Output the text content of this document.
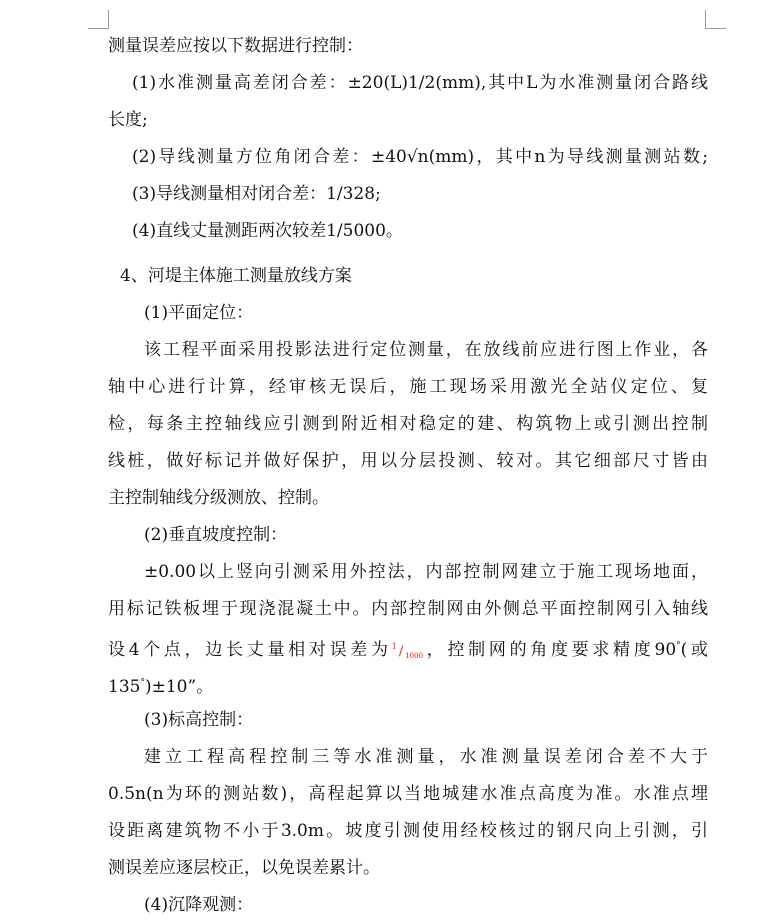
测量误差应按以下数据进行控制：
(1)水准测量高差闭合差：±20(L)1/2(mm),其中L为水准测量闭合路线
长度;
(2)导线测量方位角闭合差：±40√n(mm)，其中n为导线测量测站数;
(3)导线测量相对闭合差：1/328;
(4)直线丈量测距两次较差1/5000。
4、河堤主体施工测量放线方案
(1)平面定位：
该工程平面采用投影法进行定位测量，在放线前应进行图上作业，各
轴中心进行计算，经审核无误后，施工现场采用激光全站仪定位、复
检，每条主控轴线应引测到附近相对稳定的建、构筑物上或引测出控制
线桩，做好标记并做好保护，用以分层投测、较对。其它细部尺寸皆由
主控制轴线分级测放、控制。
(2)垂直坡度控制：
±0.00以上竖向引测采用外控法，内部控制网建立于施工现场地面，
用标记铁板埋于现浇混凝土中。内部控制网由外侧总平面控制网引入轴线
设4个点，边长丈量相对误差为$^1$ / 1000，控制网的角度要求精度90°(或
135°)±10”。
(3)标高控制：
建立工程高程控制三等水准测量，水准测量误差闭合差不大于
0.5n(n为环的测站数)，高程起算以当地城建水准点高度为准。水准点埋
设距离建筑物不小于3.0m。坡度引测使用经校核过的钢尺向上引测，引
测误差应逐层校正，以免误差累计。
(4)沉降观测：
